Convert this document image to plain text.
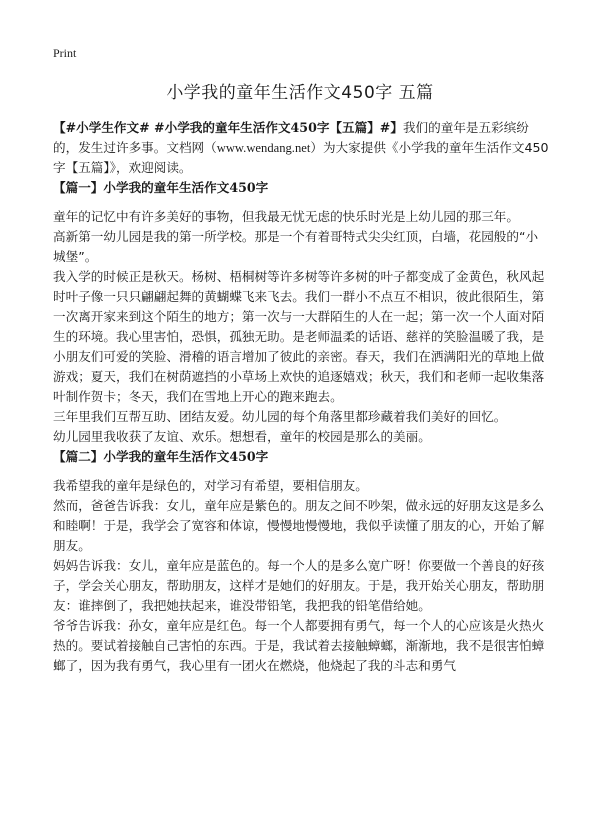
Print
小学我的童年生活作文450字 五篇

【#小学生作文# #小学我的童年生活作文450字【五篇】#】我们的童年是五彩缤纷的，发生过许多事。文档网（www.wendang.net）为大家提供《小学我的童年生活作文450字【五篇】》，欢迎阅读。

【篇一】小学我的童年生活作文450字

童年的记忆中有许多美好的事物，但我最无忧无虑的快乐时光是上幼儿园的那三年。

高新第一幼儿园是我的第一所学校。那是一个有着哥特式尖尖红顶，白墙，花园般的“小城堡”。

我入学的时候正是秋天。杨树、梧桐树等许多树等许多树的叶子都变成了金黄色，秋风起时叶子像一只只翩翩起舞的黄蝴蝶飞来飞去。我们一群小不点互不相识，彼此很陌生，第一次离开家来到这个陌生的地方；第一次与一大群陌生的人在一起；第一次一个人面对陌生的环境。我心里害怕，恐惧，孤独无助。是老师温柔的话语、慈祥的笑脸温暖了我，是小朋友们可爱的笑脸、滑稽的语言增加了彼此的亲密。春天，我们在洒满阳光的草地上做游戏；夏天，我们在树荫遮挡的小草场上欢快的追逐嬉戏；秋天，我们和老师一起收集落叶制作贺卡；冬天，我们在雪地上开心的跑来跑去。

三年里我们互帮互助、团结友爱。幼儿园的每个角落里都珍藏着我们美好的回忆。

幼儿园里我收获了友谊、欢乐。想想看，童年的校园是那么的美丽。

【篇二】小学我的童年生活作文450字

我希望我的童年是绿色的，对学习有希望，要相信朋友。

然而，爸爸告诉我：女儿，童年应是紫色的。朋友之间不吵架，做永远的好朋友这是多么和睦啊！于是，我学会了宽容和体谅，慢慢地慢慢地，我似乎读懂了朋友的心，开始了解朋友。

妈妈告诉我：女儿，童年应是蓝色的。每一个人的是多么宽广呀！你要做一个善良的好孩子，学会关心朋友，帮助朋友，这样才是她们的好朋友。于是，我开始关心朋友，帮助朋友：谁摔倒了，我把她扶起来，谁没带铅笔，我把我的铅笔借给她。

爷爷告诉我：孙女，童年应是红色。每一个人都要拥有勇气，每一个人的心应该是火热火热的。要试着接触自己害怕的东西。于是，我试着去接触蟑螂，渐渐地，我不是很害怕蟑螂了，因为我有勇气，我心里有一团火在燃烧，他烧起了我的斗志和勇气
